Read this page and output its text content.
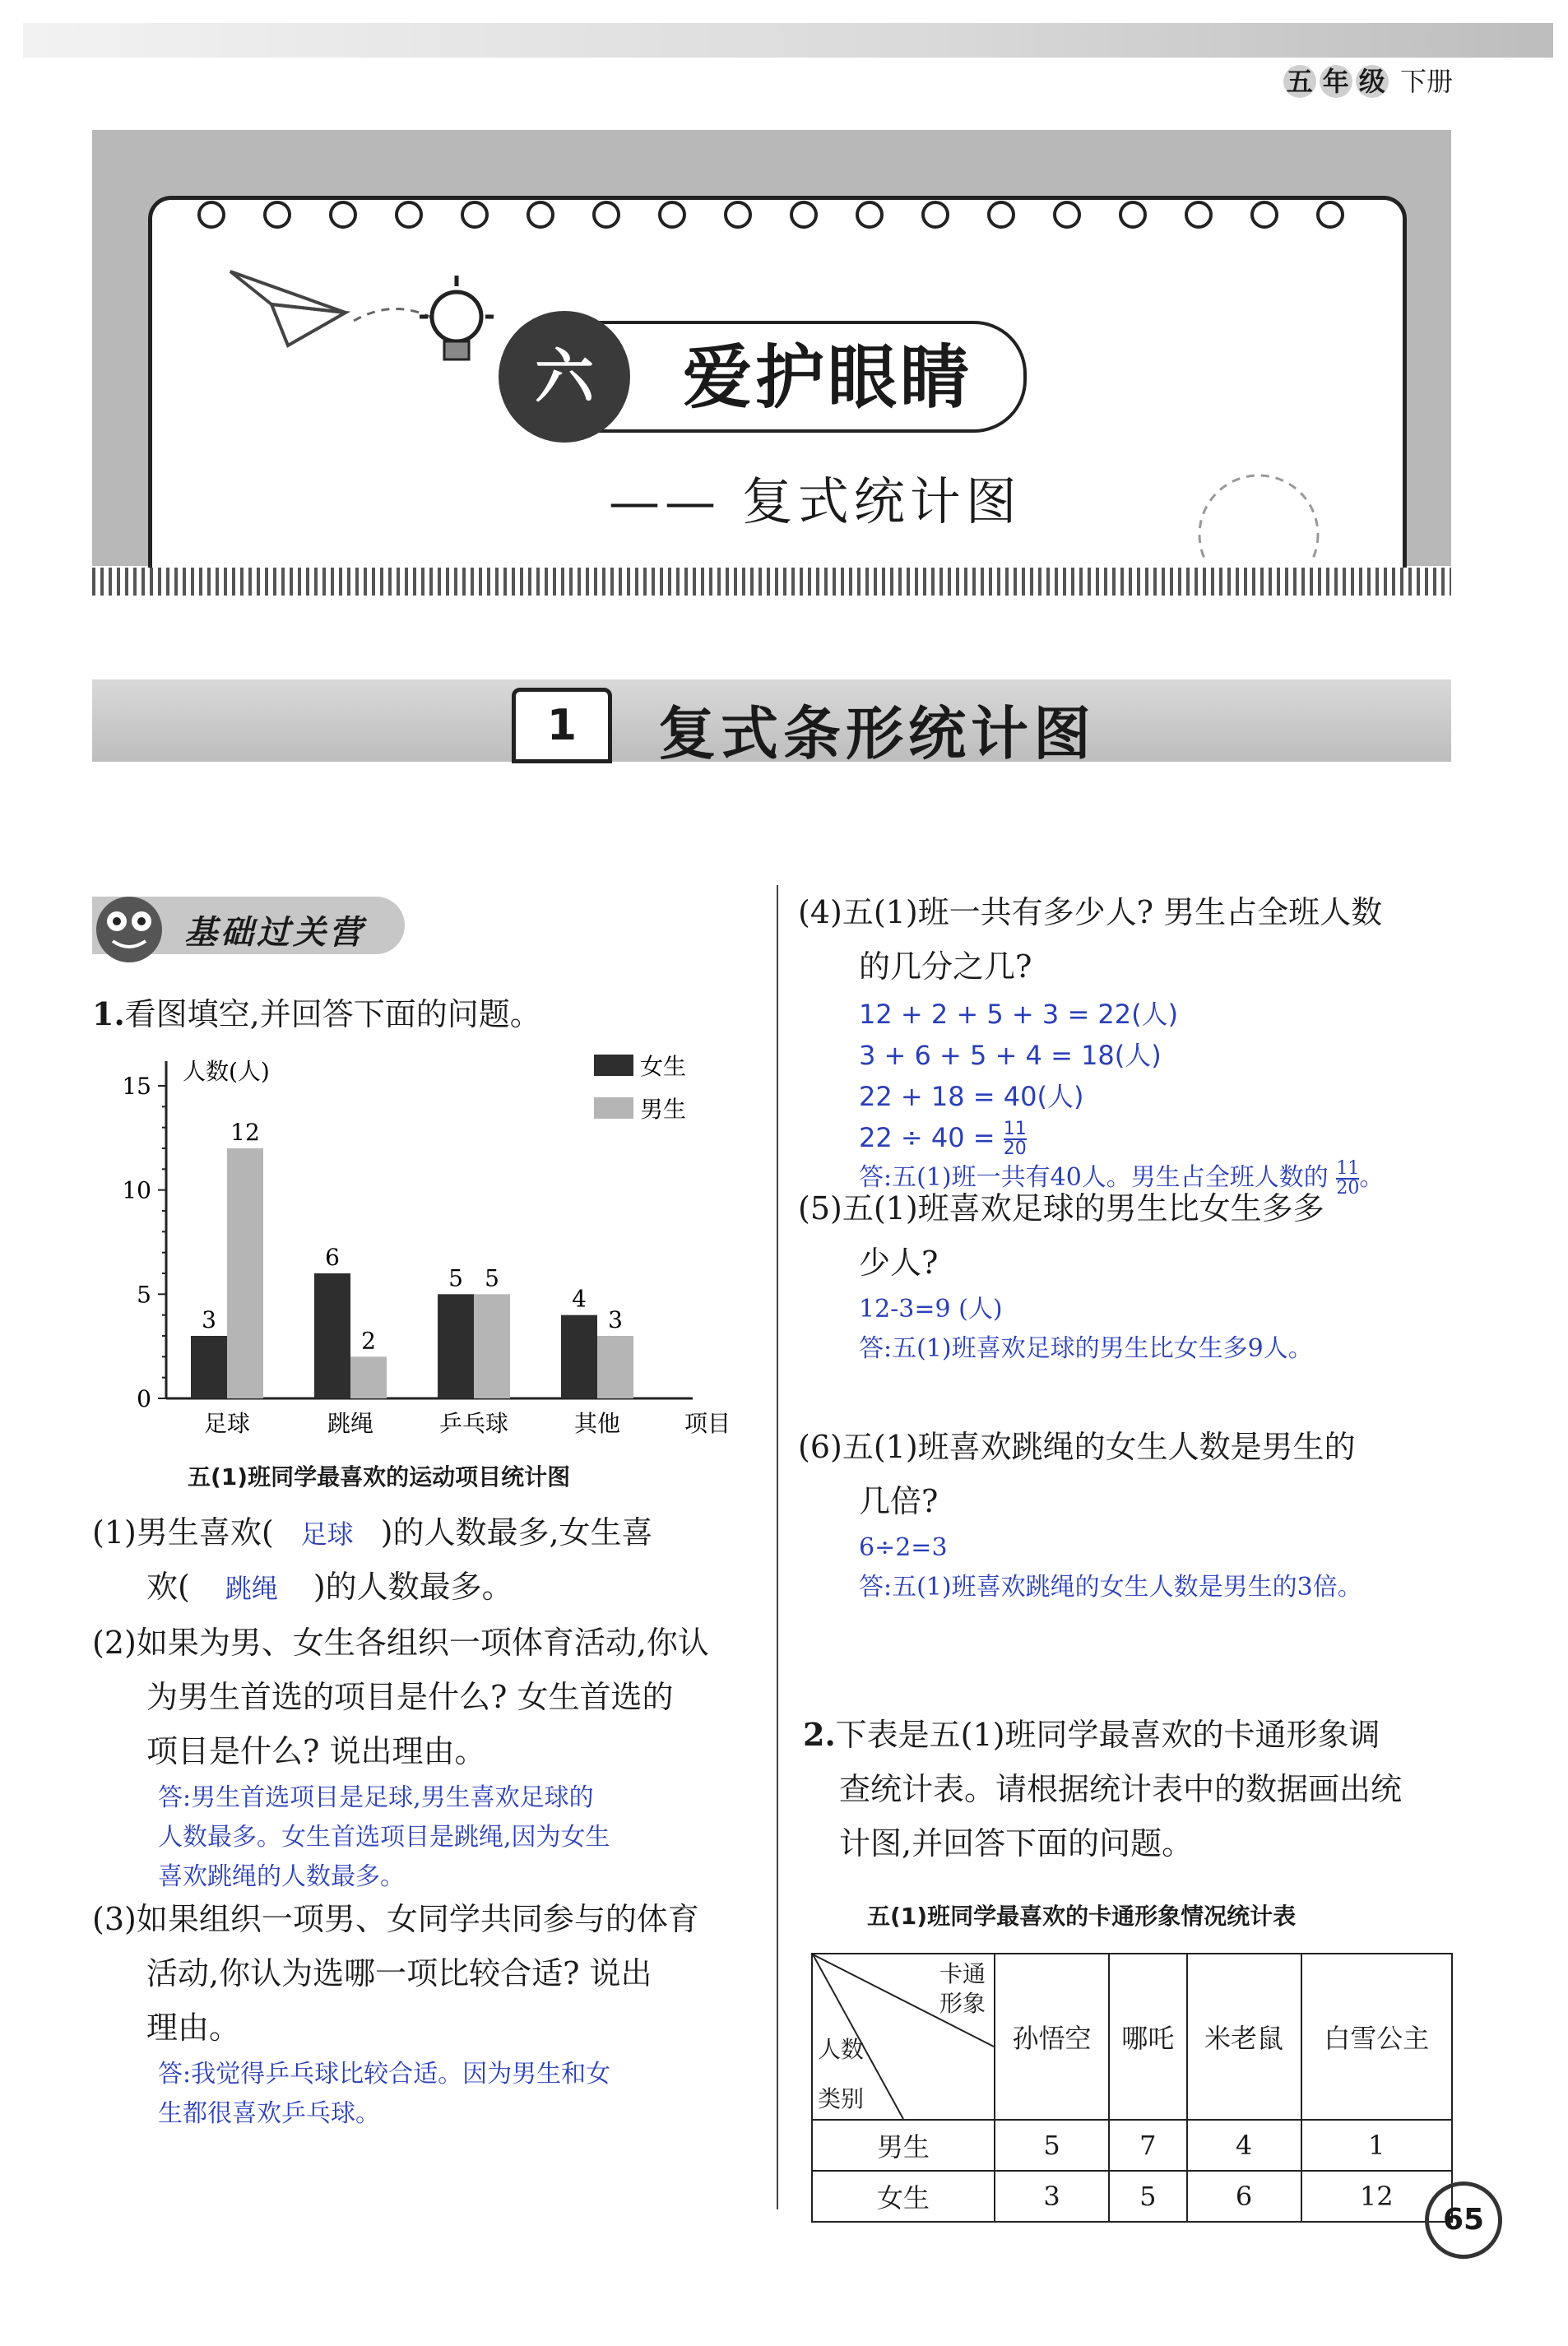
五 年 级 下册
六	爱护眼睛
—— 复式统计图
1	复式条形统计图
基础过关营
1.看图填空,并回答下面的问题。
0
5
10
15
人数(人)
项目
3
12
足球
6
2
跳绳
5 5
乒乓球
4
3
其他
女生
男生
五(1)班同学最喜欢的运动项目统计图
(1)男生喜欢( 足球 )的人数最多,女生喜
欢( 跳绳 )的人数最多。
(2)如果为男、女生各组织一项体育活动,你认
为男生首选的项目是什么? 女生首选的
项目是什么? 说出理由。
答:男生首选项目是足球,男生喜欢足球的
人数最多。女生首选项目是跳绳,因为女生
喜欢跳绳的人数最多。
(3)如果组织一项男、女同学共同参与的体育
活动,你认为选哪一项比较合适? 说出
理由。
答:我觉得乒乓球比较合适。因为男生和女
生都很喜欢乒乓球。
(4)五(1)班一共有多少人? 男生占全班人数
的几分之几?
12 + 2 + 5 + 3 = 22(人)
3 + 6 + 5 + 4 = 18(人)
22 + 18 = 40(人)
$22 \div 40 = \frac{11}{20}$
答:五(1)班一共有40人。男生占全班人数的 $\frac{11}{20}$ 。
(5)五(1)班喜欢足球的男生比女生多多
少人?
12-3=9 (人)
答:五(1)班喜欢足球的男生比女生多9人。
(6)五(1)班喜欢跳绳的女生人数是男生的
几倍?
6÷2=3
答:五(1)班喜欢跳绳的女生人数是男生的3倍。
2.下表是五(1)班同学最喜欢的卡通形象调
查统计表。请根据统计表中的数据画出统
计图,并回答下面的问题。
五(1)班同学最喜欢的卡通形象情况统计表
卡通
形象
人数
类别	孙悟空	哪吒	米老鼠	白雪公主
男生	5	7	4	1
女生	3	5	6	12
65
